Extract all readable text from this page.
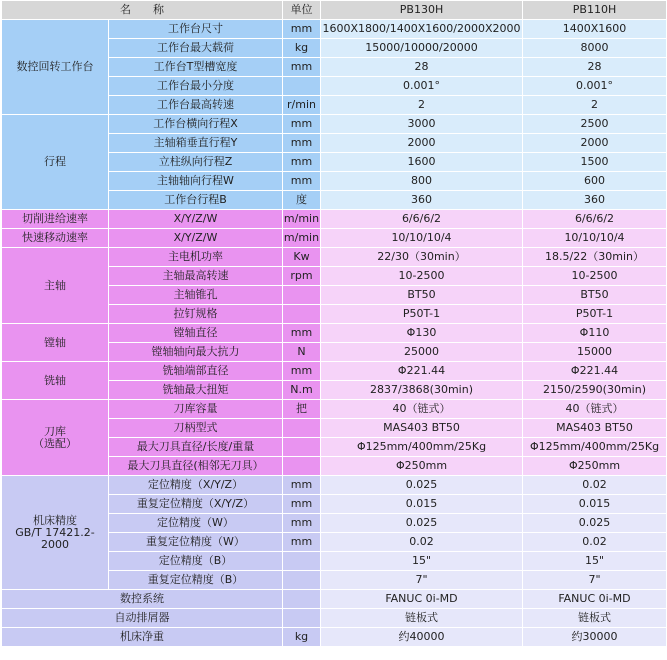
名　　称		单位	PB130H	PB110H
数控回转工作台	工作台尺寸	mm	1600X1800/1400X1600/2000X2000	1400X1600
	工作台最大载荷	kg	15000/10000/20000	8000
	工作台T型槽宽度	mm	28	28
	工作台最小分度		0.001°	0.001°
	工作台最高转速	r/min	2	2
行程	工作台横向行程X	mm	3000	2500
	主轴箱垂直行程Y	mm	2000	2000
	立柱纵向行程Z	mm	1600	1500
	主轴轴向行程W	mm	800	600
	工作台行程B	度	360	360
切削进给速率	X/Y/Z/W	m/min	6/6/6/2	6/6/6/2
快速移动速率	X/Y/Z/W	m/min	10/10/10/4	10/10/10/4
主轴	主电机功率	Kw	22/30（30min）	18.5/22（30min）
	主轴最高转速	rpm	10-2500	10-2500
	主轴锥孔		BT50	BT50
	拉钉规格		P50T-1	P50T-1
镗轴	镗轴直径	mm	Φ130	Φ110
	镗轴轴向最大抗力	N	25000	15000
铣轴	铣轴端部直径	mm	Φ221.44	Φ221.44
	铣轴最大扭矩	N.m	2837/3868(30min)	2150/2590(30min)
刀库
（选配）	刀库容量	把	40（链式）	40（链式）
	刀柄型式		MAS403 BT50	MAS403 BT50
	最大刀具直径/长度/重量		Φ125mm/400mm/25Kg	Φ125mm/400mm/25Kg
	最大刀具直径(相邻无刀具）		Φ250mm	Φ250mm
机床精度
GB/T 17421.2-
2000	定位精度（X/Y/Z）	mm	0.025	0.02
	重复定位精度（X/Y/Z）	mm	0.015	0.015
	定位精度（W）	mm	0.025	0.025
	重复定位精度（W）	mm	0.02	0.02
	定位精度（B）		15"	15"
	重复定位精度（B）		7"	7"
数控系统			FANUC 0i-MD	FANUC 0i-MD
自动排屑器			链板式	链板式
机床净重		kg	约40000	约30000
